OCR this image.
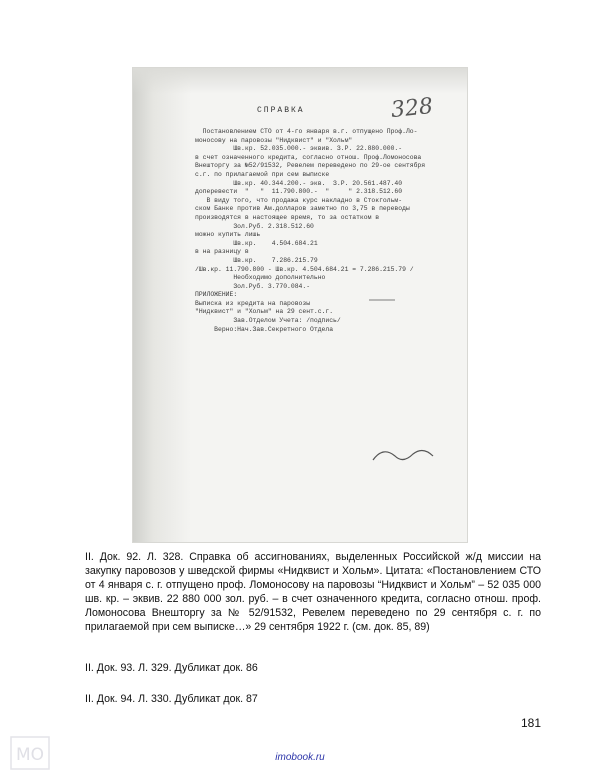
СПРАВКА	328
Постановлением СТО от 4-го января в.г. отпущено Проф.Ло-
моносову на паровозы "Нидквист" и "Хольм"
Шв.кр. 52.035.000.- эквив. З.Р. 22.880.000.-
в счет означенного кредита, согласно отнош. Проф.Ломоносова
Внешторгу за №52/91532, Ревелем переведено по 29-ое сентября
с.г. по прилагаемой при сем выписке
Шв.кр. 40.344.200.- экв.  З.Р. 20.561.487.40
доперевести  "   "  11.790.800.-  "     " 2.318.512.60
В виду того, что продажа курс накладно в Стокгольм-
ском Банке против Ам.долларов заметно по 3,75 в переводы
производятся в настоящее время, то за остатком в
Зол.Руб. 2.318.512.60
можно купить лишь
Шв.кр.    4.504.684.21
в на разницу в
Шв.кр.    7.286.215.79
/Шв.кр. 11.790.800 - Шв.кр. 4.504.684.21 = 7.286.215.79 /
Необходимо дополнительно
Зол.Руб. 3.770.084.-
ПРИЛОЖЕНИЕ:
Выписка из кредита на паровозы
"Нидквист" и "Хольм" на 29 сент.с.г.
Зав.Отделом Учета: /подпись/
Верно:Нач.Зав.Секретного Отдела
II. Док. 92. Л. 328. Справка об ассигнованиях, выделенных Российской ж/д миссии на закупку паровозов у шведской фирмы «Нидквист и Хольм». Цитата: «Постановлением СТО от 4 января с. г. отпущено проф. Ломоносову на паровозы “Нидквист и Хольм” – 52 035 000 шв. кр. – эквив. 22 880 000 зол. руб. – в счет означенного кредита, согласно отнош. проф. Ломоносова Внешторгу за № 52/91532, Ревелем переведено по 29 сентября с. г. по прилагаемой при сем выписке…» 29 сентября 1922 г. (см. док. 85, 89)
II. Док. 93. Л. 329. Дубликат док. 86
II. Док. 94. Л. 330. Дубликат док. 87
181
imobook.ru
МО
